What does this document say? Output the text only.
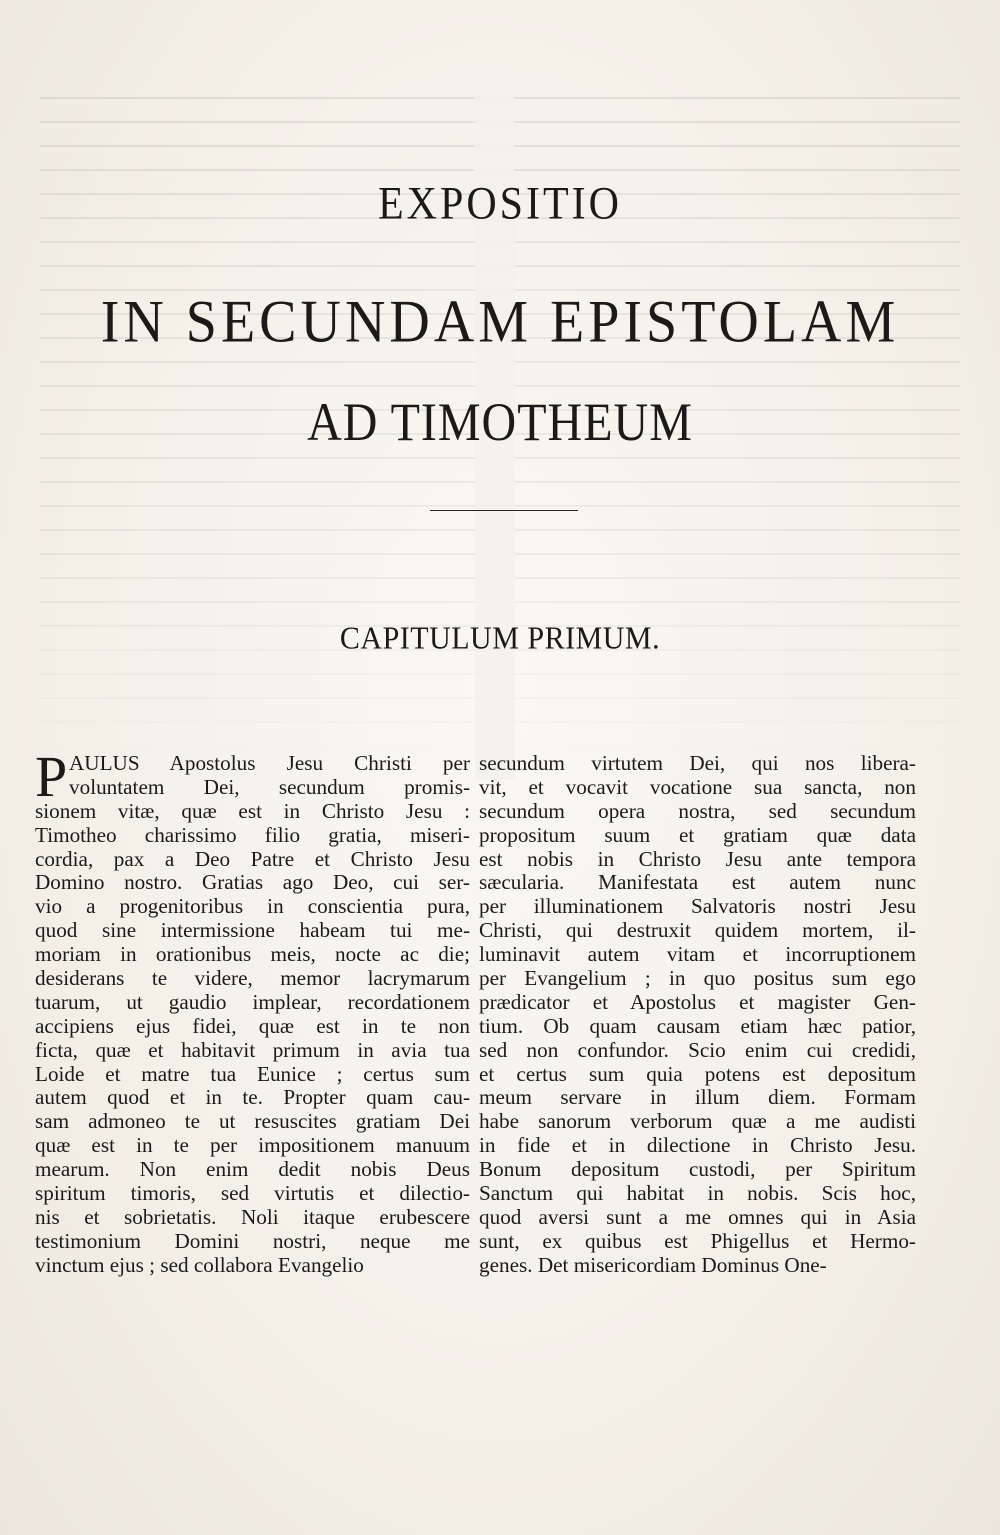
EXPOSITIO
IN SECUNDAM EPISTOLAM
AD TIMOTHEUM
CAPITULUM PRIMUM.
P AULUS Apostolus Jesu Christi per
voluntatem Dei, secundum promis-
sionem vitæ, quæ est in Christo Jesu :
Timotheo charissimo filio gratia, miseri-
cordia, pax a Deo Patre et Christo Jesu
Domino nostro. Gratias ago Deo, cui ser-
vio a progenitoribus in conscientia pura,
quod sine intermissione habeam tui me-
moriam in orationibus meis, nocte ac die;
desiderans te videre, memor lacrymarum
tuarum, ut gaudio implear, recordationem
accipiens ejus fidei, quæ est in te non
ficta, quæ et habitavit primum in avia tua
Loide et matre tua Eunice ; certus sum
autem quod et in te. Propter quam cau-
sam admoneo te ut resuscites gratiam Dei
quæ est in te per impositionem manuum
mearum. Non enim dedit nobis Deus
spiritum timoris, sed virtutis et dilectio-
nis et sobrietatis. Noli itaque erubescere
testimonium Domini nostri, neque me
vinctum ejus ; sed collabora Evangelio
secundum virtutem Dei, qui nos libera-
vit, et vocavit vocatione sua sancta, non
secundum opera nostra, sed secundum
propositum suum et gratiam quæ data
est nobis in Christo Jesu ante tempora
sæcularia. Manifestata est autem nunc
per illuminationem Salvatoris nostri Jesu
Christi, qui destruxit quidem mortem, il-
luminavit autem vitam et incorruptionem
per Evangelium ; in quo positus sum ego
prædicator et Apostolus et magister Gen-
tium. Ob quam causam etiam hæc patior,
sed non confundor. Scio enim cui credidi,
et certus sum quia potens est depositum
meum servare in illum diem. Formam
habe sanorum verborum quæ a me audisti
in fide et in dilectione in Christo Jesu.
Bonum depositum custodi, per Spiritum
Sanctum qui habitat in nobis. Scis hoc,
quod aversi sunt a me omnes qui in Asia
sunt, ex quibus est Phigellus et Hermo-
genes. Det misericordiam Dominus One-
